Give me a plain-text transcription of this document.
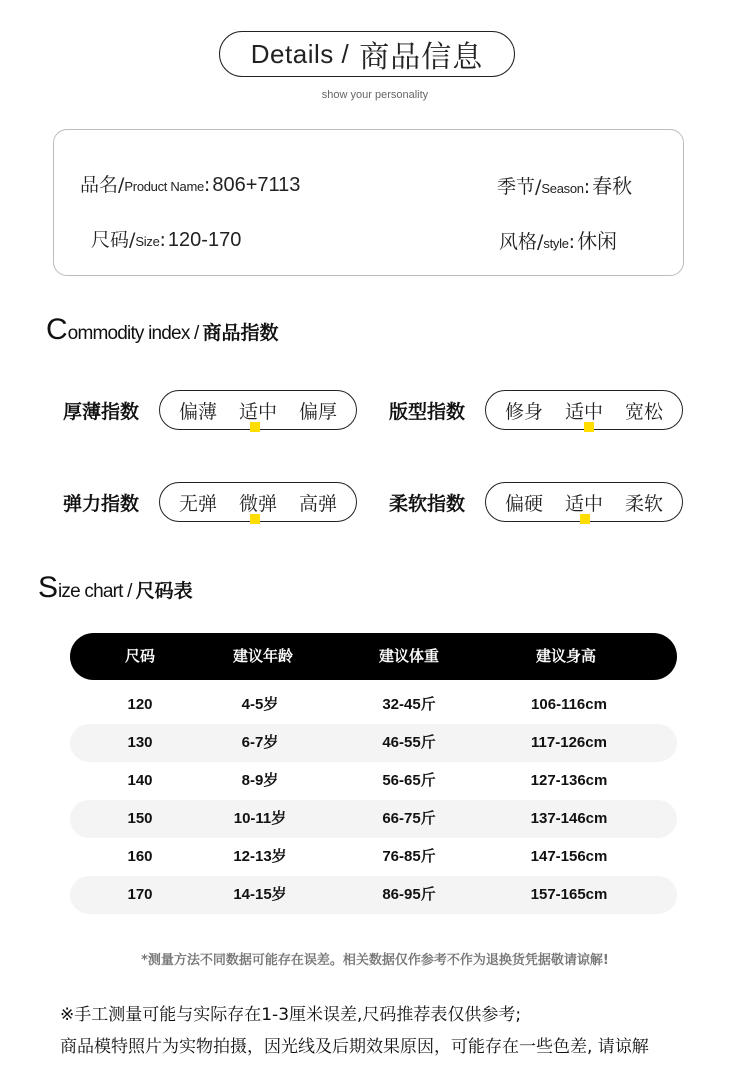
Details / 商品信息
show your personality
品名 / Product Name : 806+7113	季节 / Season : 春秋
尺码 / Size : 120-170	风格 / style : 休闲
C ommodity index / 商品指数
厚薄指数	偏薄 适中 偏厚	版型指数	修身 适中 宽松
弹力指数	无弹 微弹 高弹	柔软指数	偏硬 适中 柔软
S ize chart / 尺码表
尺码	建议年龄	建议体重	建议身高
120	4-5岁	32-45斤	106-116cm
130	6-7岁	46-55斤	117-126cm
140	8-9岁	56-65斤	127-136cm
150	10-11岁	66-75斤	137-146cm
160	12-13岁	76-85斤	147-156cm
170	14-15岁	86-95斤	157-165cm
*测量方法不同数据可能存在误差。相关数据仅作参考不作为退换货凭据敬请谅解!
※手工测量可能与实际存在1-3厘米误差,尺码推荐表仅供参考;
商品模特照片为实物拍摄，因光线及后期效果原因，可能存在一些色差, 请谅解
